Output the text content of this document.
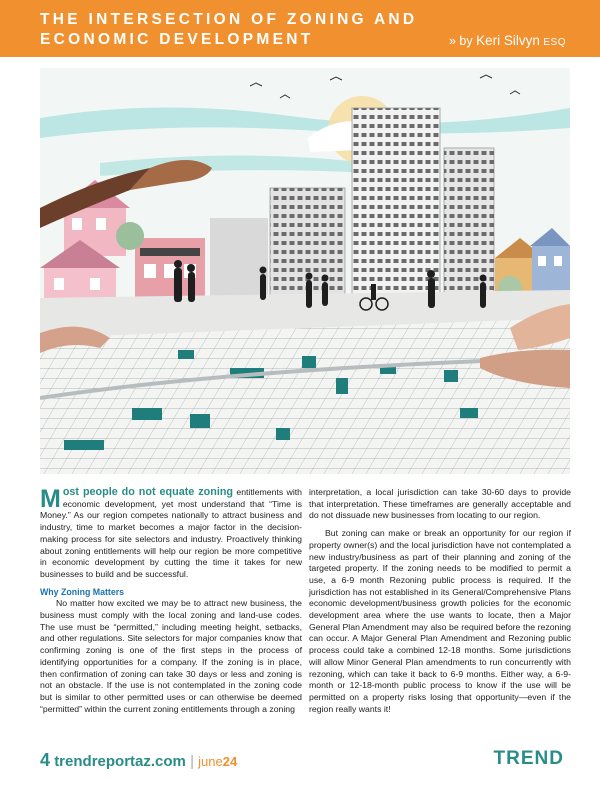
THE INTERSECTION OF ZONING AND ECONOMIC DEVELOPMENT	» by Keri Silvyn ESQ

Most people do not equate zoning entitlements with economic development, yet most understand that “Time is Money.” As our region competes nationally to attract business and industry, time to market becomes a major factor in the decision-making process for site selectors and industry. Proactively thinking about zoning entitlements will help our region be more competitive in economic development by cutting the time it takes for new businesses to build and be successful.

Why Zoning Matters

No matter how excited we may be to attract new business, the business must comply with the local zoning and land-use codes. The use must be “permitted,” including meeting height, setbacks, and other regulations. Site selectors for major companies know that confirming zoning is one of the first steps in the process of identifying opportunities for a company. If the zoning is in place, then confirmation of zoning can take 30 days or less and zoning is not an obstacle. If the use is not contemplated in the zoning code but is similar to other permitted uses or can otherwise be deemed “permitted” within the current zoning entitlements through a zoning

interpretation, a local jurisdiction can take 30-60 days to provide that interpretation. These timeframes are generally acceptable and do not dissuade new businesses from locating to our region.

But zoning can make or break an opportunity for our region if property owner(s) and the local jurisdiction have not contemplated a new industry/business as part of their planning and zoning of the targeted property. If the zoning needs to be modified to permit a use, a 6-9 month Rezoning public process is required. If the jurisdiction has not established in its General/Comprehensive Plans economic development/business growth policies for the economic development area where the use wants to locate, then a Major General Plan Amendment may also be required before the rezoning can occur. A Major General Plan Amendment and Rezoning public process could take a combined 12-18 months. Some jurisdictions will allow Minor General Plan amendments to run concurrently with rezoning, which can take it back to 6-9 months. Either way, a 6-9-month or 12-18-month public process to know if the use will be permitted on a property risks losing that opportunity—even if the region really wants it!

4 trendreportaz.com | june24	TREND
